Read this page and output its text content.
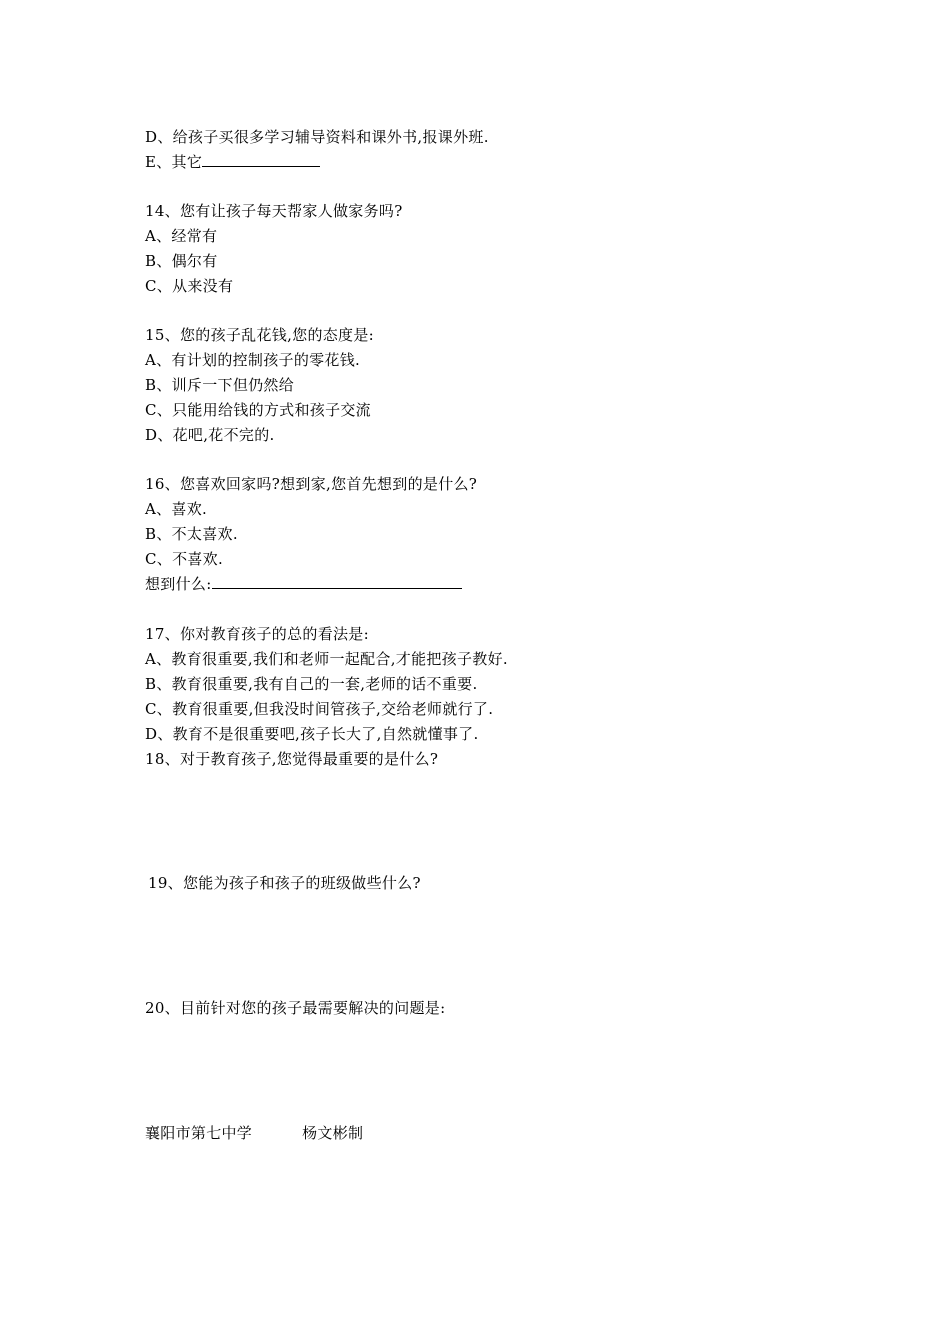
D、给孩子买很多学习辅导资料和课外书,报课外班.
E、其它
14、您有让孩子每天帮家人做家务吗?
A、经常有
B、偶尔有
C、从来没有
15、您的孩子乱花钱,您的态度是:
A、有计划的控制孩子的零花钱.
B、训斥一下但仍然给
C、只能用给钱的方式和孩子交流
D、花吧,花不完的.
16、您喜欢回家吗?想到家,您首先想到的是什么?
A、喜欢.
B、不太喜欢.
C、不喜欢.
想到什么:
17、你对教育孩子的总的看法是:
A、教育很重要,我们和老师一起配合,才能把孩子教好.
B、教育很重要,我有自己的一套,老师的话不重要.
C、教育很重要,但我没时间管孩子,交给老师就行了.
D、教育不是很重要吧,孩子长大了,自然就懂事了.
18、对于教育孩子,您觉得最重要的是什么?
19、您能为孩子和孩子的班级做些什么?
20、目前针对您的孩子最需要解决的问题是:
襄阳市第七中学	杨文彬制
